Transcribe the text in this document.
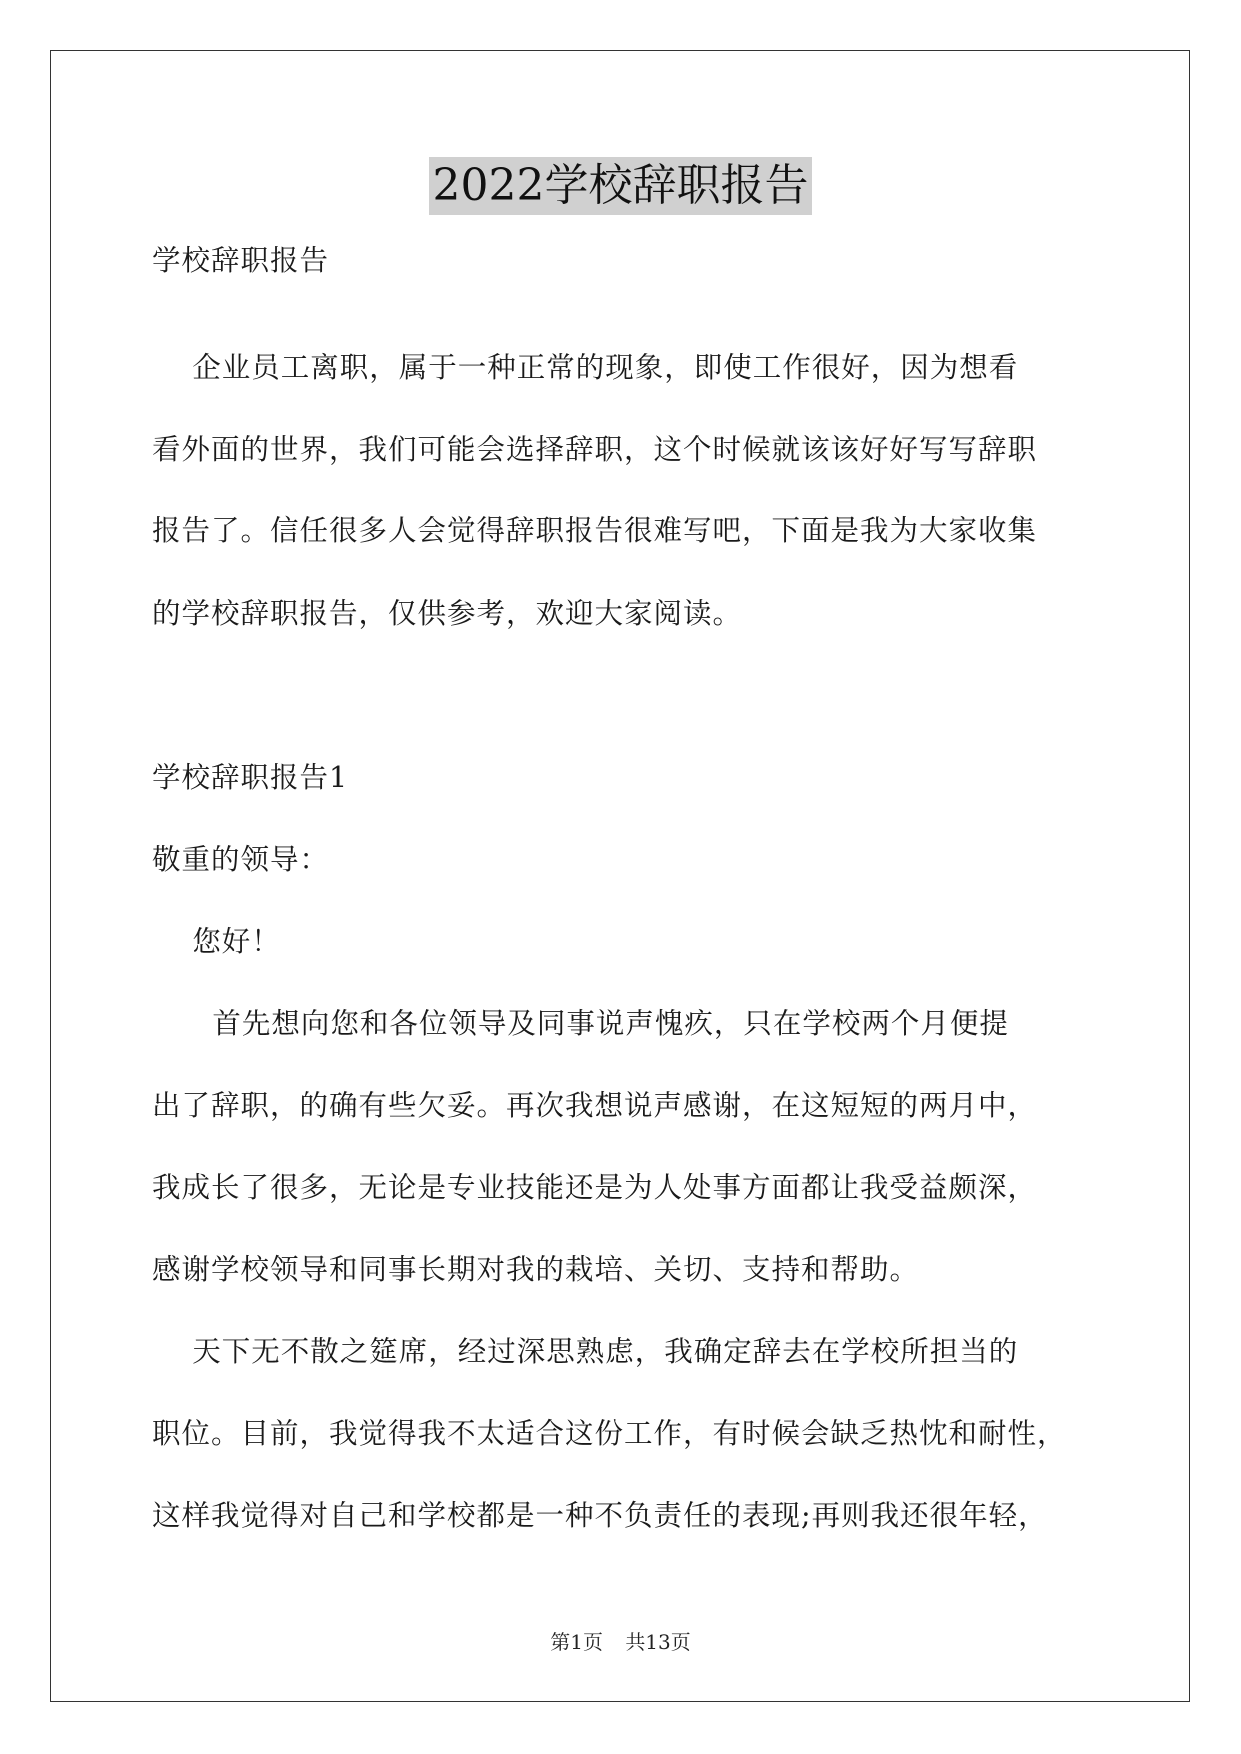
2022学校辞职报告
学校辞职报告
企业员工离职，属于一种正常的现象，即使工作很好，因为想看
看外面的世界，我们可能会选择辞职，这个时候就该该好好写写辞职
报告了。信任很多人会觉得辞职报告很难写吧，下面是我为大家收集
的学校辞职报告，仅供参考，欢迎大家阅读。
学校辞职报告1
敬重的领导：
您好！
首先想向您和各位领导及同事说声愧疚，只在学校两个月便提
出了辞职，的确有些欠妥。再次我想说声感谢，在这短短的两月中，
我成长了很多，无论是专业技能还是为人处事方面都让我受益颇深，
感谢学校领导和同事长期对我的栽培、关切、支持和帮助。
天下无不散之筵席，经过深思熟虑，我确定辞去在学校所担当的
职位。目前，我觉得我不太适合这份工作，有时候会缺乏热忱和耐性，
这样我觉得对自己和学校都是一种不负责任的表现;再则我还很年轻，
第1页 共13页
